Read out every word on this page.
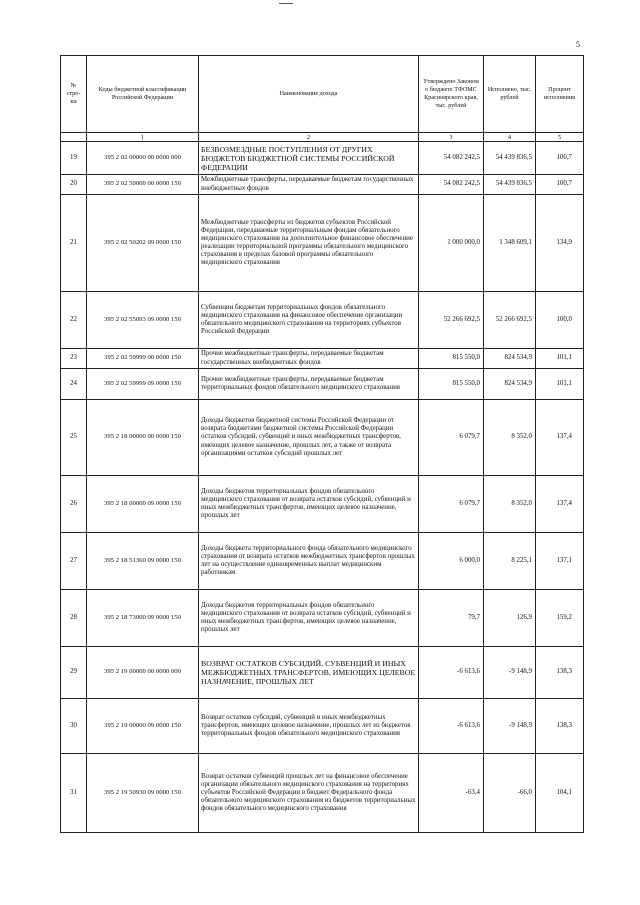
5
№ стро- ки	Коды бюджетной классификации Российской Федерации	Наименование дохода	Утверждено Законом о бюджете ТФОМС Красноярского края, тыс. рублей	Исполнено, тыс. рублей	Процент исполнения
	1	2	3	4	5
19	395 2 02 00000 00 0000 000	БЕЗВОЗМЕЗДНЫЕ ПОСТУПЛЕНИЯ ОТ ДРУГИХ БЮДЖЕТОВ БЮДЖЕТНОЙ СИСТЕМЫ РОССИЙСКОЙ ФЕДЕРАЦИИ	54 082 242,5	54 439 836,5	100,7
20	395 2 02 50000 00 0000 150	Межбюджетные трансферты, передаваемые бюджетам государственных внебюджетных фондов	54 082 242,5	54 439 836,5	100,7
21	395 2 02 50202 09 0000 150	Межбюджетные трансферты из бюджетов субъектов Российской Федерации, передаваемые территориальным фондам обязательного медицинского страхования на дополнительное финансовое обеспечение реализации территориальной программы обязательного медицинского страхования в пределах базовой программы обязательного медицинского страхования	1 000 000,0	1 348 609,1	134,9
22	395 2 02 55093 09 0000 150	Субвенции бюджетам территориальных фондов обязательного медицинского страхования на финансовое обеспечение организации обязательного медицинского страхования на территориях субъектов Российской Федерации	52 266 692,5	52 266 692,5	100,0
23	395 2 02 59999 00 0000 150	Прочие межбюджетные трансферты, передаваемые бюджетам государственных внебюджетных фондов	815 550,0	824 534,9	101,1
24	395 2 02 59999 09 0000 150	Прочие межбюджетные трансферты, передаваемые бюджетам территориальных фондов обязательного медицинского страхования	815 550,0	824 534,9	101,1
25	395 2 18 00000 00 0000 150	Доходы бюджетов бюджетной системы Российской Федерации от возврата бюджетами бюджетной системы Российской Федерации остатков субсидий, субвенций и иных межбюджетных трансфертов, имеющих целевое назначение, прошлых лет, а также от возврата организациями остатков субсидий прошлых лет	6 079,7	8 352,0	137,4
26	395 2 18 00000 09 0000 150	Доходы бюджетов территориальных фондов обязательного медицинского страхования от возврата остатков субсидий, субвенций и иных межбюджетных трансфертов, имеющих целевое назначение, прошлых лет	6 079,7	8 352,0	137,4
27	395 2 18 51360 09 0000 150	Доходы бюджета территориального фонда обязательного медицинского страхования от возврата остатков межбюджетных трансфертов прошлых лет на осуществление единовременных выплат медицинским работникам	6 000,0	8 225,1	137,1
28	395 2 18 73000 09 0000 150	Доходы бюджетов территориальных фондов обязательного медицинского страхования от возврата остатков субсидий, субвенций и иных межбюджетных трансфертов, имеющих целевое назначение, прошлых лет	79,7	126,9	159,2
29	395 2 19 00000 00 0000 000	ВОЗВРАТ ОСТАТКОВ СУБСИДИЙ, СУБВЕНЦИЙ И ИНЫХ МЕЖБЮДЖЕТНЫХ ТРАНСФЕРТОВ, ИМЕЮЩИХ ЦЕЛЕВОЕ НАЗНАЧЕНИЕ, ПРОШЛЫХ ЛЕТ	-6 613,6	-9 148,9	138,3
30	395 2 19 00000 09 0000 150	Возврат остатков субсидий, субвенций и иных межбюджетных трансфертов, имеющих целевое назначение, прошлых лет из бюджетов территориальных фондов обязательного медицинского страхования	-6 613,6	-9 148,9	138,3
31	395 2 19 50930 09 0000 150	Возврат остатков субвенций прошлых лет на финансовое обеспечение организации обязательного медицинского страхования на территориях субъектов Российской Федерации в бюджет Федерального фонда обязательного медицинского страхования из бюджетов территориальных фондов обязательного медицинского страхования	-63,4	-66,0	104,1
